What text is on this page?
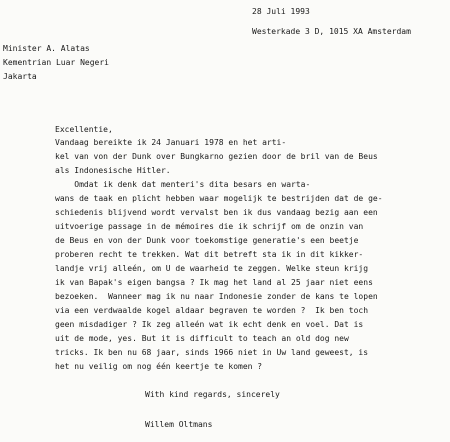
28 Juli 1993
Westerkade 3 D, 1015 XA Amsterdam
Minister A. Alatas
Kementrian Luar Negeri
Jakarta
Excellentie,
Vandaag bereikte ik 24 Januari 1978 en het arti-
kel van von der Dunk over Bungkarno gezien door de bril van de Beus
als Indonesische Hitler.
Omdat ik denk dat menteri's dita besars en warta-
wans de taak en plicht hebben waar mogelijk te bestrijden dat de ge-
schiedenis blijvend wordt vervalst ben ik dus vandaag bezig aan een
uitvoerige passage in de mémoires die ik schrijf om de onzin van
de Beus en von der Dunk voor toekomstige generatie's een beetje
proberen recht te trekken. Wat dit betreft sta ik in dit kikker-
landje vrij alleén, om U de waarheid te zeggen. Welke steun krijg
ik van Bapak's eigen bangsa ? Ik mag het land al 25 jaar niet eens
bezoeken.  Wanneer mag ik nu naar Indonesie zonder de kans te lopen
via een verdwaalde kogel aldaar begraven te worden ?  Ik ben toch
geen misdadiger ? Ik zeg alleén wat ik echt denk en voel. Dat is
uit de mode, yes. But it is difficult to teach an old dog new
tricks. Ik ben nu 68 jaar, sinds 1966 niet in Uw land geweest, is
het nu veilig om nog één keertje te komen ?
With kind regards, sincerely
Willem Oltmans
